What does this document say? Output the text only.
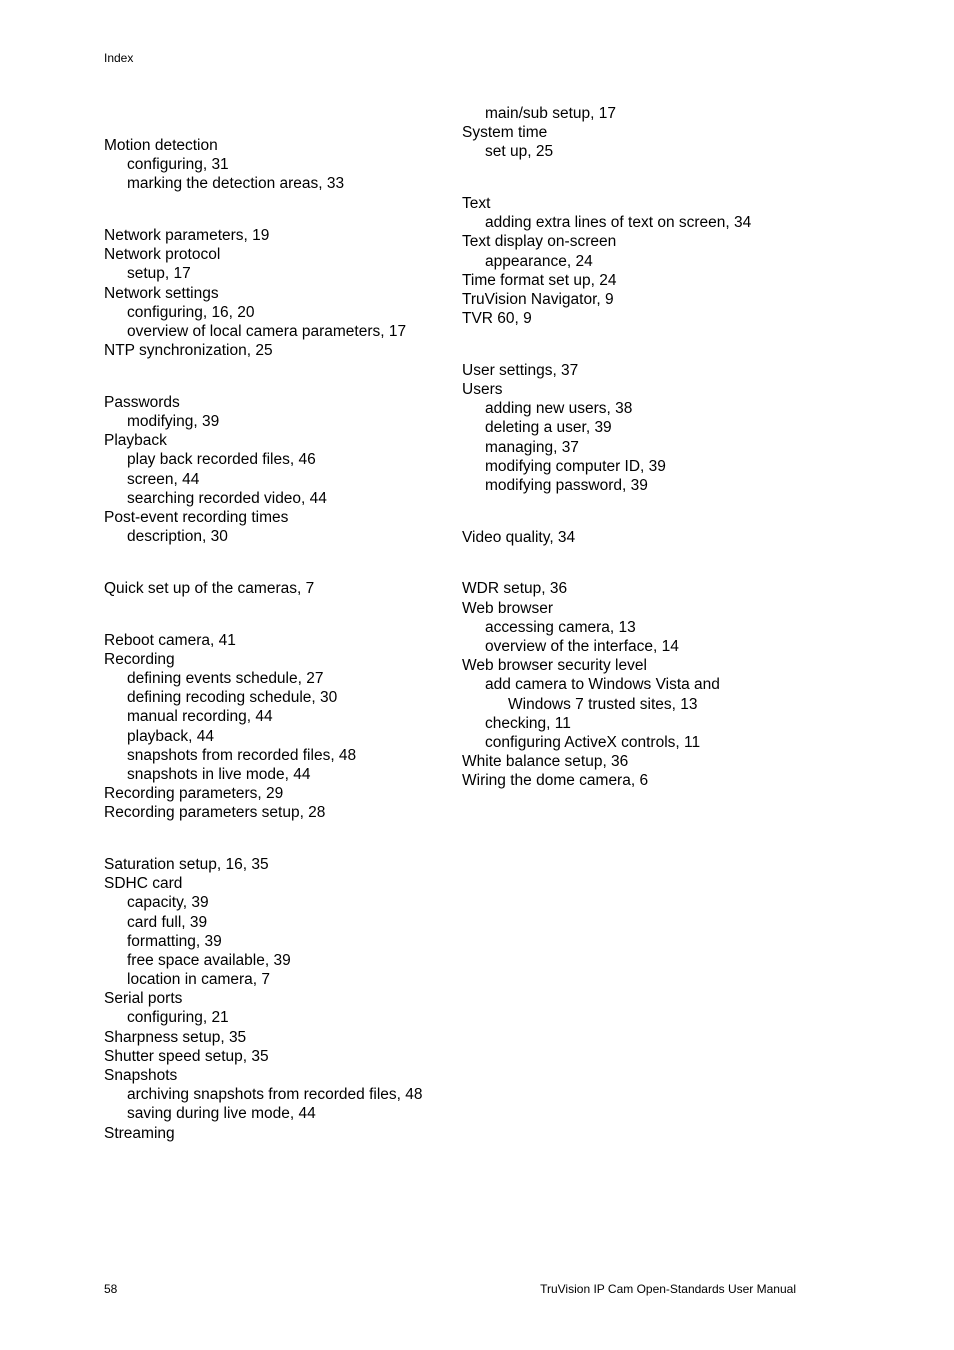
Index
Motion detection
configuring, 31
marking the detection areas, 33
Network parameters, 19
Network protocol
setup, 17
Network settings
configuring, 16, 20
overview of local camera parameters, 17
NTP synchronization, 25
Passwords
modifying, 39
Playback
play back recorded files, 46
screen, 44
searching recorded video, 44
Post-event recording times
description, 30
Quick set up of the cameras, 7
Reboot camera, 41
Recording
defining events schedule, 27
defining recoding schedule, 30
manual recording, 44
playback, 44
snapshots from recorded files, 48
snapshots in live mode, 44
Recording parameters, 29
Recording parameters setup, 28
Saturation setup, 16, 35
SDHC card
capacity, 39
card full, 39
formatting, 39
free space available, 39
location in camera, 7
Serial ports
configuring, 21
Sharpness setup, 35
Shutter speed setup, 35
Snapshots
archiving snapshots from recorded files, 48
saving during live mode, 44
Streaming
main/sub setup, 17
System time
set up, 25
Text
adding extra lines of text on screen, 34
Text display on-screen
appearance, 24
Time format set up, 24
TruVision Navigator, 9
TVR 60, 9
User settings, 37
Users
adding new users, 38
deleting a user, 39
managing, 37
modifying computer ID, 39
modifying password, 39
Video quality, 34
WDR setup, 36
Web browser
accessing camera, 13
overview of the interface, 14
Web browser security level
add camera to Windows Vista and
Windows 7 trusted sites, 13
checking, 11
configuring ActiveX controls, 11
White balance setup, 36
Wiring the dome camera, 6
58	TruVision IP Cam Open-Standards User Manual
